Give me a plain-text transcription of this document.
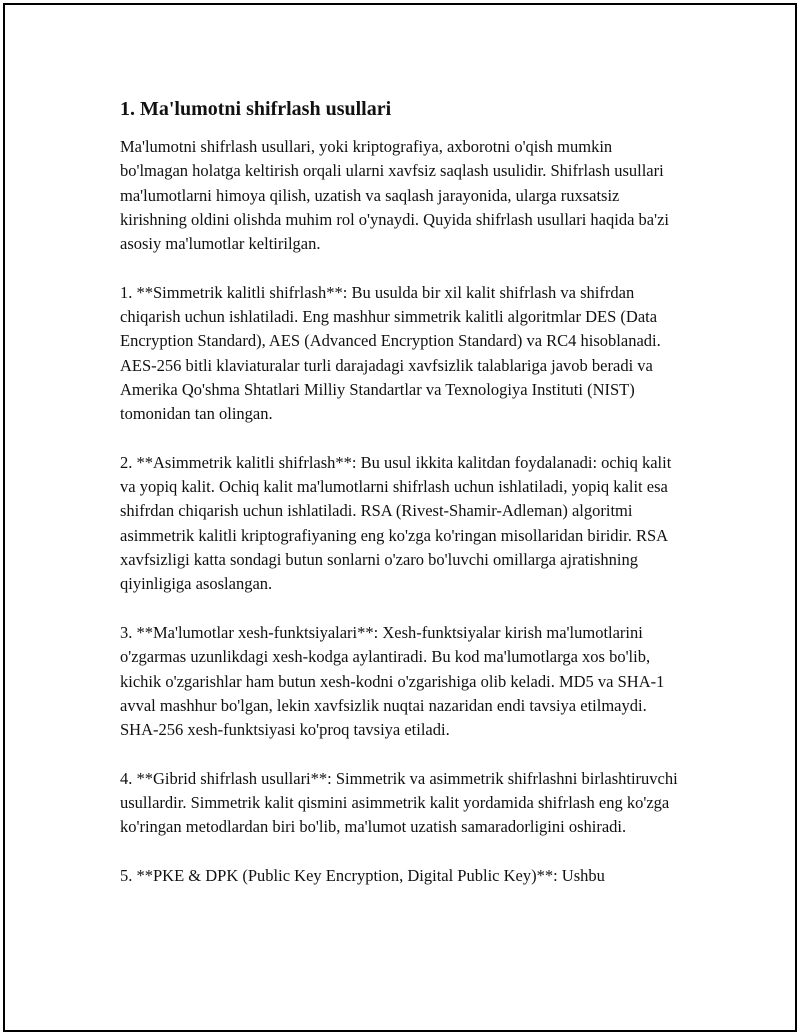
1. Ma'lumotni shifrlash usullari

Ma'lumotni shifrlash usullari, yoki kriptografiya, axborotni o'qish mumkin bo'lmagan holatga keltirish orqali ularni xavfsiz saqlash usulidir. Shifrlash usullari ma'lumotlarni himoya qilish, uzatish va saqlash jarayonida, ularga ruxsatsiz kirishning oldini olishda muhim rol o'ynaydi. Quyida shifrlash usullari haqida ba'zi asosiy ma'lumotlar keltirilgan.

1. **Simmetrik kalitli shifrlash**: Bu usulda bir xil kalit shifrlash va shifrdan chiqarish uchun ishlatiladi. Eng mashhur simmetrik kalitli algoritmlar DES (Data Encryption Standard), AES (Advanced Encryption Standard) va RC4 hisoblanadi. AES-256 bitli klaviaturalar turli darajadagi xavfsizlik talablariga javob beradi va Amerika Qo'shma Shtatlari Milliy Standartlar va Texnologiya Instituti (NIST) tomonidan tan olingan.

2. **Asimmetrik kalitli shifrlash**: Bu usul ikkita kalitdan foydalanadi: ochiq kalit va yopiq kalit. Ochiq kalit ma'lumotlarni shifrlash uchun ishlatiladi, yopiq kalit esa shifrdan chiqarish uchun ishlatiladi. RSA (Rivest-Shamir-Adleman) algoritmi asimmetrik kalitli kriptografiyaning eng ko'zga ko'ringan misollaridan biridir. RSA xavfsizligi katta sondagi butun sonlarni o'zaro bo'luvchi omillarga ajratishning qiyinligiga asoslangan.

3. **Ma'lumotlar xesh-funktsiyalari**: Xesh-funktsiyalar kirish ma'lumotlarini o'zgarmas uzunlikdagi xesh-kodga aylantiradi. Bu kod ma'lumotlarga xos bo'lib, kichik o'zgarishlar ham butun xesh-kodni o'zgarishiga olib keladi. MD5 va SHA-1 avval mashhur bo'lgan, lekin xavfsizlik nuqtai nazaridan endi tavsiya etilmaydi. SHA-256 xesh-funktsiyasi ko'proq tavsiya etiladi.

4. **Gibrid shifrlash usullari**: Simmetrik va asimmetrik shifrlashni birlashtiruvchi usullardir. Simmetrik kalit qismini asimmetrik kalit yordamida shifrlash eng ko'zga ko'ringan metodlardan biri bo'lib, ma'lumot uzatish samaradorligini oshiradi.

5. **PKE & DPK (Public Key Encryption, Digital Public Key)**: Ushbu
